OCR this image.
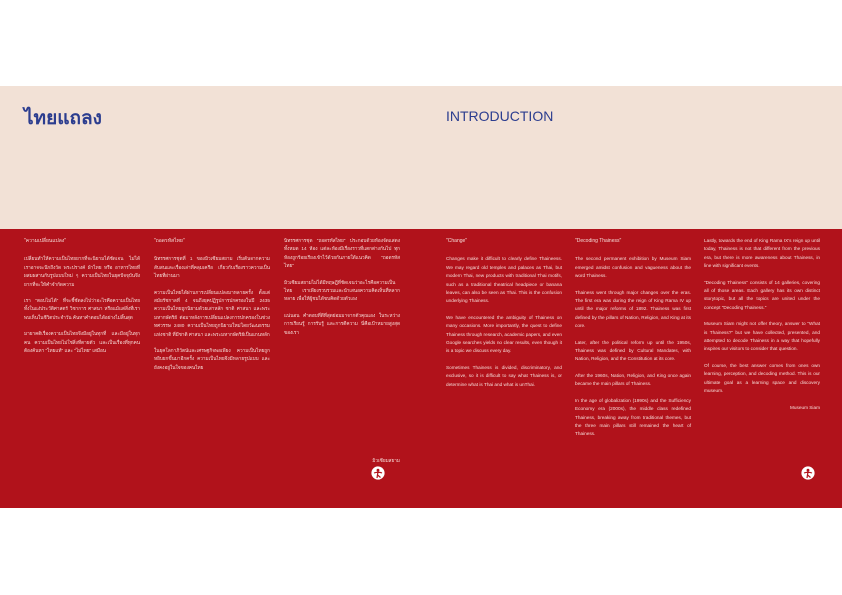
ไทยแถลง	INTRODUCTION
"ความเปลี่ยนแปลง"

เปลี่ยนทำให้ความเป็นไทยยากที่จะนิยามได้ชัดเจน ไม่ได้ เราอาจจะนึกถึงวัด พระปรางค์ ผ้าไทย หรือ อาหารไทยที่ผสมผสานกับรูปแบบใหม่ ๆ ความเป็นไทยในยุคปัจจุบันจึงยากที่จะให้คำจำกัดความ

เรา "ตอบไม่ได้" ที่จะชี้ชัดลงไปว่าอะไรคือความเป็นไทย ทั้งในแง่ประวัติศาสตร์ วิชาการ ศาสนา หรือแม้แต่สิ่งที่เราพบเห็นในชีวิตประจำวัน ค้นหาคำตอบได้อย่างไม่สิ้นสุด

มายาคติเรื่องความเป็นไทยจึงมีอยู่ในทุกที่ และมีอยู่ในทุกคน ความเป็นไทยไม่ใช่สิ่งที่ตายตัว และเป็นเรื่องที่ทุกคนต้องค้นหา "ไทยแท้" และ "ไม่ไทย" เสมือน

"ถอดรหัสไทย"

นิทรรศการชุดที่ 1 ของมิวเซียมสยาม เริ่มต้นจากความสับสนและเรื่องเล่าที่คลุมเครือ เกี่ยวกับเรื่องราวความเป็นไทยที่ผ่านมา

ความเป็นไทยได้ผ่านการเปลี่ยนแปลงมาหลายครั้ง ตั้งแต่สมัยรัชกาลที่ 4 จนถึงยุคปฏิรูปการปกครองในปี 2435 ความเป็นไทยถูกนิยามด้วยเสาหลัก ชาติ ศาสนา และพระมหากษัตริย์ ต่อมาหลังการเปลี่ยนแปลงการปกครองในช่วงทศวรรษ 2480 ความเป็นไทยถูกนิยามใหม่โดยวัฒนธรรมแห่งชาติ ที่มีชาติ ศาสนา และพระมหากษัตริย์เป็นแกนหลัก

ในยุคโลกาภิวัตน์และเศรษฐกิจพอเพียง ความเป็นไทยถูกหยิบยกขึ้นมาอีกครั้ง ความเป็นไทยจึงมีหลายรูปแบบ และยังคงอยู่ในใจของคนไทย

นิทรรศการชุด "ถอดรหัสไทย" ประกอบด้วยห้องจัดแสดงทั้งหมด 14 ห้อง แต่ละห้องมีเรื่องราวที่แตกต่างกันไป ทุกห้องถูกร้อยเรียงเข้าไว้ด้วยกันภายใต้แนวคิด "ถอดรหัสไทย"

มิวเซียมสยามไม่ได้มีทฤษฎีที่ชัดเจนว่าอะไรคือความเป็นไทย เราเพียงรวบรวมและนำเสนอความคิดเห็นที่หลากหลาย เพื่อให้ผู้ชมได้ขบคิดด้วยตัวเอง

แน่นอน คำตอบที่ดีที่สุดย่อมมาจากตัวคุณเอง ในระหว่างการเรียนรู้ การรับรู้ และการตีความ นี่คือเป้าหมายสูงสุดของเรา

มิวเซียมสยาม
"Change"

Changes make it difficult to clearly define Thaineess. We may regard old temples and palaces as Thai, but modern Thai, new products with traditional Thai motifs, such as a traditional theatrical headpiece or banana leaves, can also be seen as Thai. This is the confusion underlying Thainess.

We have encountered the ambiguity of Thainess on many occasions. More importantly, the quest to define Thainess through research, academic papers, and even Google searches yields no clear results, even though it is a topic we discuss every day.

Sometimes Thainess is divided, discriminatory, and exclusive, so it is difficult to say what Thainess is, or determine what is Thai and what is unThai.

"Decoding Thainess"

The second permanent exhibition by Museum Siam emerged amidst confusion and vagueness about the word Thainess.

Thainess went through major changes over the eras. The first era was during the reign of King Rama IV up until the major reforms of 1892. Thainess was first defined by the pillars of Nation, Religion, and King at its core.

Later, after the political reform up until the 1950s, Thainess was defined by Cultural Mandates, with Nation, Religion, and the Constitution at its core.

After the 1960s, Nation, Religion, and King once again became the main pillars of Thainess.

In the age of globalization (1990s) and the Sufficiency Economy era (2000s), the middle class redefined Thainess, breaking away from traditional themes, but the three main pillars still remained the heart of Thainess.

Lastly, towards the end of King Rama IX's reign up until today, Thainess is not that different from the previous era, but there is more awareness about Thainess, in line with significant events.

"Decoding Thainess" consists of 14 galleries, covering all of those areas. Each gallery has its own distinct storytopic, but all the topics are united under the concept "Decoding Thainess."

Museum Siam might not offer theory, answer to "What is Thainess?" but we have collected, presented, and attempted to decode Thainess in a way that hopefully inspires our visitors to consider that question.

Of course, the best answer comes from ones own learning, perception, and decoding method. This is our ultimate goal as a learning space and discovery museum.

Museum Siam
